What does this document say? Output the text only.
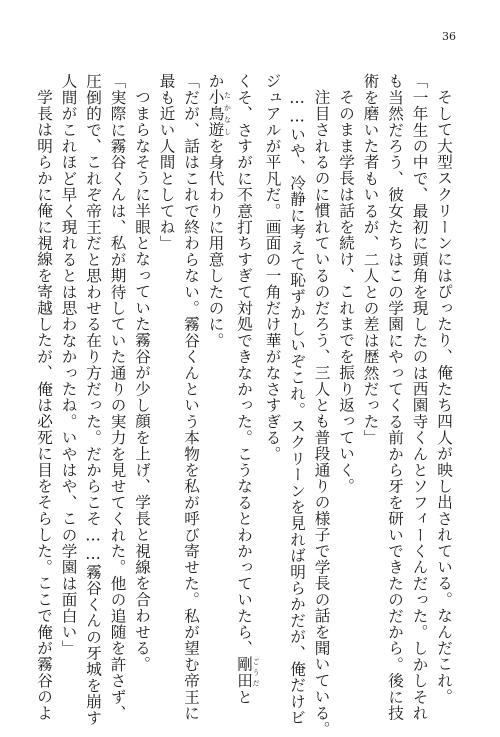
36
そして大型スクリーンにはぴったり、俺たち四人が映し出されている。なんだこれ。
「一年生の中で、最初に頭角を現したのは西園寺くんとソフィーくんだった。しかしそれ
も当然だろう、彼女たちはこの学園にやってくる前から牙を研いできたのだから。後に技
術を磨いた者もいるが、二人との差は歴然だった」
そのまま学長は話を続け、これまでを振り返っていく。
注目されるのに慣れているのだろう、三人とも普段通りの様子で学長の話を聞いている。
……いや、冷静に考えて恥ずかしいぞこれ。スクリーンを見れば明らかだが、俺だけビ
ジュアルが平凡だ。画面の一角だけ華がなさすぎる。
くそ、さすがに不意打ちすぎて対処できなかった。こうなるとわかっていたら、剛田 ごうだと
か小鳥遊 たかなしを身代わりに用意したのに。
「だが、話はこれで終わらない。霧谷くんという本物を私が呼び寄せた。私が望む帝王に
最も近い人間としてね」
つまらなそうに半眼となっていた霧谷が少し顔を上げ、学長と視線を合わせる。
「実際に霧谷くんは、私が期待していた通りの実力を見せてくれた。他の追随を許さず、
圧倒的で、これぞ帝王だと思わせる在り方だった。だからこそ……霧谷くんの牙城を崩す
人間がこれほど早く現れるとは思わなかったね。いやはや、この学園は面白い」
学長は明らかに俺に視線を寄越したが、俺は必死に目をそらした。ここで俺が霧谷のよ
